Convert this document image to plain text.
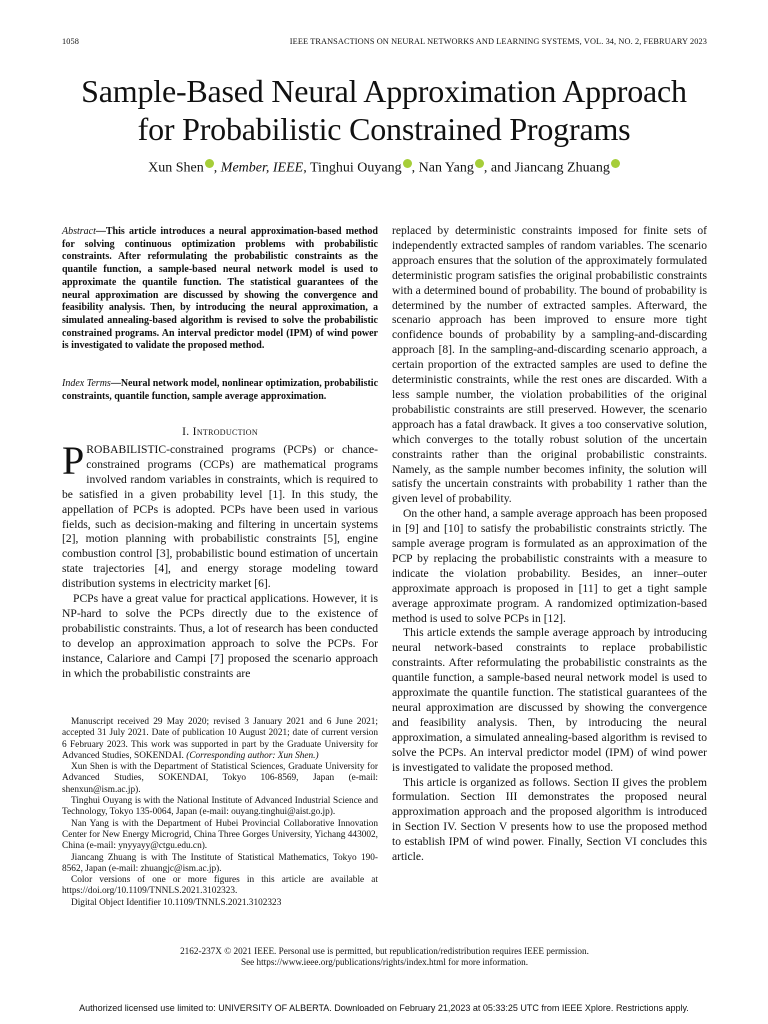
1058	IEEE TRANSACTIONS ON NEURAL NETWORKS AND LEARNING SYSTEMS, VOL. 34, NO. 2, FEBRUARY 2023
Sample-Based Neural Approximation Approach
for Probabilistic Constrained Programs
Xun Shen , Member, IEEE, Tinghui Ouyang , Nan Yang , and Jiancang Zhuang
Abstract—This article introduces a neural approximation-based method for solving continuous optimization problems with probabilistic constraints. After reformulating the probabilistic constraints as the quantile function, a sample-based neural network model is used to approximate the quantile function. The statistical guarantees of the neural approximation are discussed by showing the convergence and feasibility analysis. Then, by introducing the neural approximation, a simulated annealing-based algorithm is revised to solve the probabilistic constrained programs. An interval predictor model (IPM) of wind power is investigated to validate the proposed method.
Index Terms—Neural network model, nonlinear optimization, probabilistic constraints, quantile function, sample average approximation.
I. Introduction

PROBABILISTIC-constrained programs (PCPs) or chance-constrained programs (CCPs) are mathematical programs involved random variables in constraints, which is required to be satisfied in a given probability level [1]. In this study, the appellation of PCPs is adopted. PCPs have been used in various fields, such as decision-making and filtering in uncertain systems [2], motion planning with probabilistic constraints [5], engine combustion control [3], probabilistic bound estimation of uncertain state trajectories [4], and energy storage modeling toward distribution systems in electricity market [6].

PCPs have a great value for practical applications. However, it is NP-hard to solve the PCPs directly due to the existence of probabilistic constraints. Thus, a lot of research has been conducted to develop an approximation approach to solve the PCPs. For instance, Calariore and Campi [7] proposed the scenario approach in which the probabilistic constraints are

Manuscript received 29 May 2020; revised 3 January 2021 and 6 June 2021; accepted 31 July 2021. Date of publication 10 August 2021; date of current version 6 February 2023. This work was supported in part by the Graduate University for Advanced Studies, SOKENDAI. (Corresponding author: Xun Shen.)

Xun Shen is with the Department of Statistical Sciences, Graduate University for Advanced Studies, SOKENDAI, Tokyo 106-8569, Japan (e-mail: shenxun@ism.ac.jp).

Tinghui Ouyang is with the National Institute of Advanced Industrial Science and Technology, Tokyo 135-0064, Japan (e-mail: ouyang.tinghui@aist.go.jp).

Nan Yang is with the Department of Hubei Provincial Collaborative Innovation Center for New Energy Microgrid, China Three Gorges University, Yichang 443002, China (e-mail: ynyyayy@ctgu.edu.cn).

Jiancang Zhuang is with The Institute of Statistical Mathematics, Tokyo 190-8562, Japan (e-mail: zhuangjc@ism.ac.jp).

Color versions of one or more figures in this article are available at https://doi.org/10.1109/TNNLS.2021.3102323.

Digital Object Identifier 10.1109/TNNLS.2021.3102323

replaced by deterministic constraints imposed for finite sets of independently extracted samples of random variables. The scenario approach ensures that the solution of the approximately formulated deterministic program satisfies the original probabilistic constraints with a determined bound of probability. The bound of probability is determined by the number of extracted samples. Afterward, the scenario approach has been improved to ensure more tight confidence bounds of probability by a sampling-and-discarding approach [8]. In the sampling-and-discarding scenario approach, a certain proportion of the extracted samples are used to define the deterministic constraints, while the rest ones are discarded. With a less sample number, the violation probabilities of the original probabilistic constraints are still preserved. However, the scenario approach has a fatal drawback. It gives a too conservative solution, which converges to the totally robust solution of the uncertain constraints rather than the original probabilistic constraints. Namely, as the sample number becomes infinity, the solution will satisfy the uncertain constraints with probability 1 rather than the given level of probability.

On the other hand, a sample average approach has been proposed in [9] and [10] to satisfy the probabilistic constraints strictly. The sample average program is formulated as an approximation of the PCP by replacing the probabilistic constraints with a measure to indicate the violation probability. Besides, an inner–outer approximate approach is proposed in [11] to get a tight sample average approximate program. A randomized optimization-based method is used to solve PCPs in [12].

This article extends the sample average approach by introducing neural network-based constraints to replace probabilistic constraints. After reformulating the probabilistic constraints as the quantile function, a sample-based neural network model is used to approximate the quantile function. The statistical guarantees of the neural approximation are discussed by showing the convergence and feasibility analysis. Then, by introducing the neural approximation, a simulated annealing-based algorithm is revised to solve the PCPs. An interval predictor model (IPM) of wind power is investigated to validate the proposed method.

This article is organized as follows. Section II gives the problem formulation. Section III demonstrates the proposed neural approximation approach and the proposed algorithm is introduced in Section IV. Section V presents how to use the proposed method to establish IPM of wind power. Finally, Section VI concludes this article.

2162-237X © 2021 IEEE. Personal use is permitted, but republication/redistribution requires IEEE permission.
See https://www.ieee.org/publications/rights/index.html for more information.
Authorized licensed use limited to: UNIVERSITY OF ALBERTA. Downloaded on February 21,2023 at 05:33:25 UTC from IEEE Xplore. Restrictions apply.
